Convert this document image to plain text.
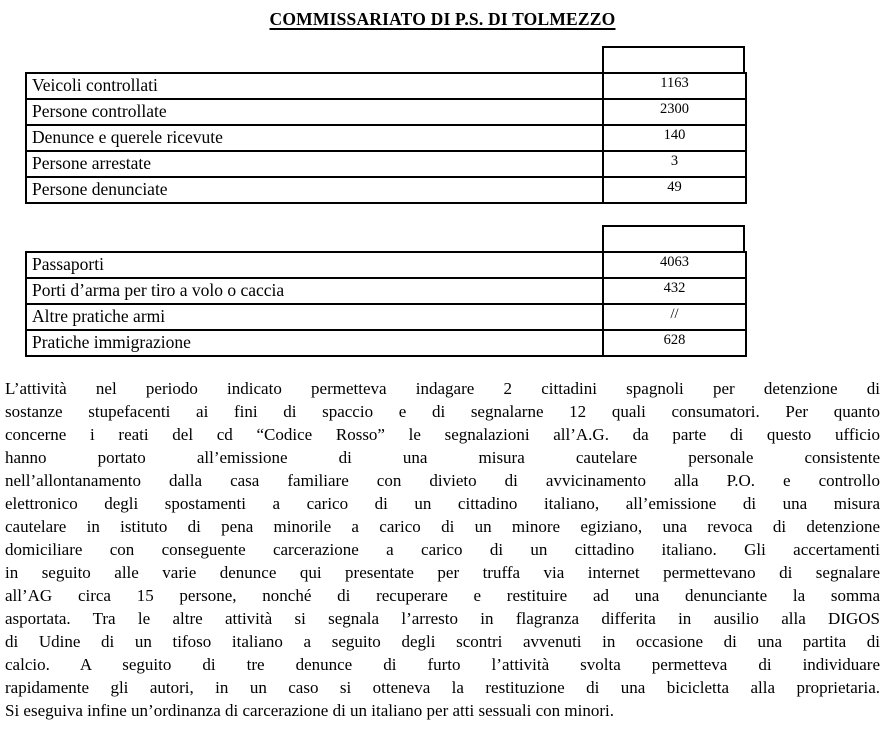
COMMISSARIATO DI P.S. DI TOLMEZZO
Veicoli controllati	1163
Persone controllate	2300
Denunce e querele ricevute	140
Persone arrestate	3
Persone denunciate	49
Passaporti	4063
Porti d’arma per tiro a volo o caccia	432
Altre pratiche armi	//
Pratiche immigrazione	628
L’attività nel periodo indicato permetteva indagare 2 cittadini spagnoli per detenzione di
sostanze stupefacenti ai fini di spaccio e di segnalarne 12 quali consumatori. Per quanto
concerne i reati del cd “Codice Rosso” le segnalazioni all’A.G. da parte di questo ufficio
hanno portato all’emissione di una misura cautelare personale consistente
nell’allontanamento dalla casa familiare con divieto di avvicinamento alla P.O. e controllo
elettronico degli spostamenti a carico di un cittadino italiano, all’emissione di una misura
cautelare in istituto di pena minorile a carico di un minore egiziano, una revoca di detenzione
domiciliare con conseguente carcerazione a carico di un cittadino italiano. Gli accertamenti
in seguito alle varie denunce qui presentate per truffa via internet permettevano di segnalare
all’AG circa 15 persone, nonché di recuperare e restituire ad una denunciante la somma
asportata. Tra le altre attività si segnala l’arresto in flagranza differita in ausilio alla DIGOS
di Udine di un tifoso italiano a seguito degli scontri avvenuti in occasione di una partita di
calcio. A seguito di tre denunce di furto l’attività svolta permetteva di individuare
rapidamente gli autori, in un caso si otteneva la restituzione di una bicicletta alla proprietaria.
Si eseguiva infine un’ordinanza di carcerazione di un italiano per atti sessuali con minori.
